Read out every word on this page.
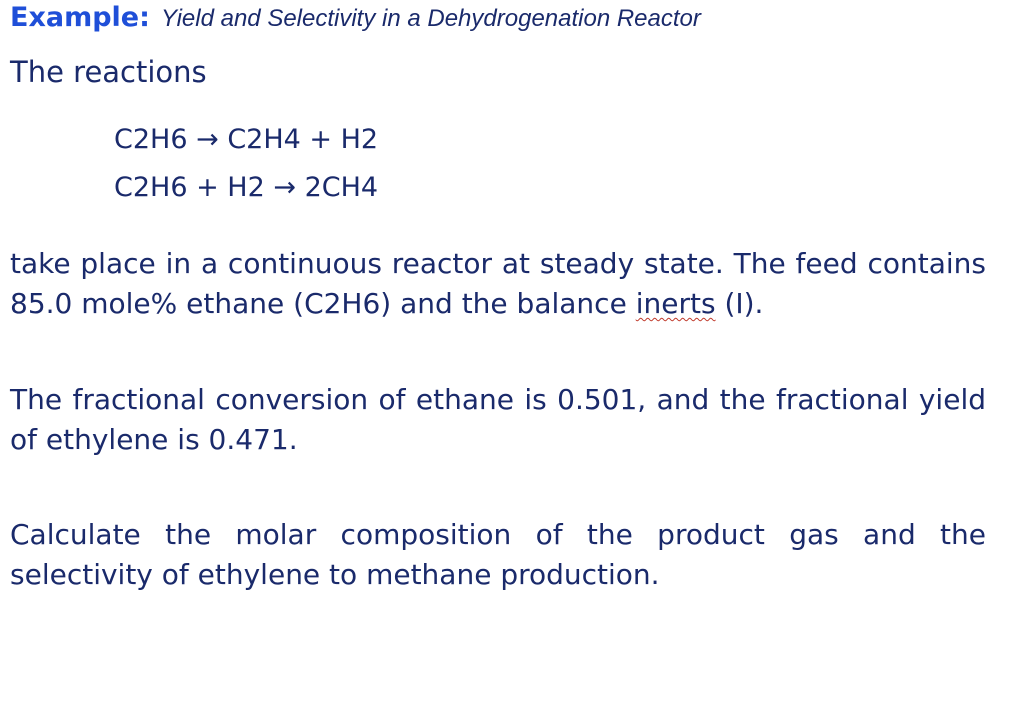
Example: Yield and Selectivity in a Dehydrogenation Reactor
The reactions
C2H6 → C2H4 + H2
C2H6 + H2 → 2CH4
take place in a continuous reactor at steady state. The feed contains 85.0 mole% ethane (C2H6) and the balance inerts (I).
The fractional conversion of ethane is 0.501, and the fractional yield of ethylene is 0.471.
Calculate the molar composition of the product gas and the selectivity of ethylene to methane production.
